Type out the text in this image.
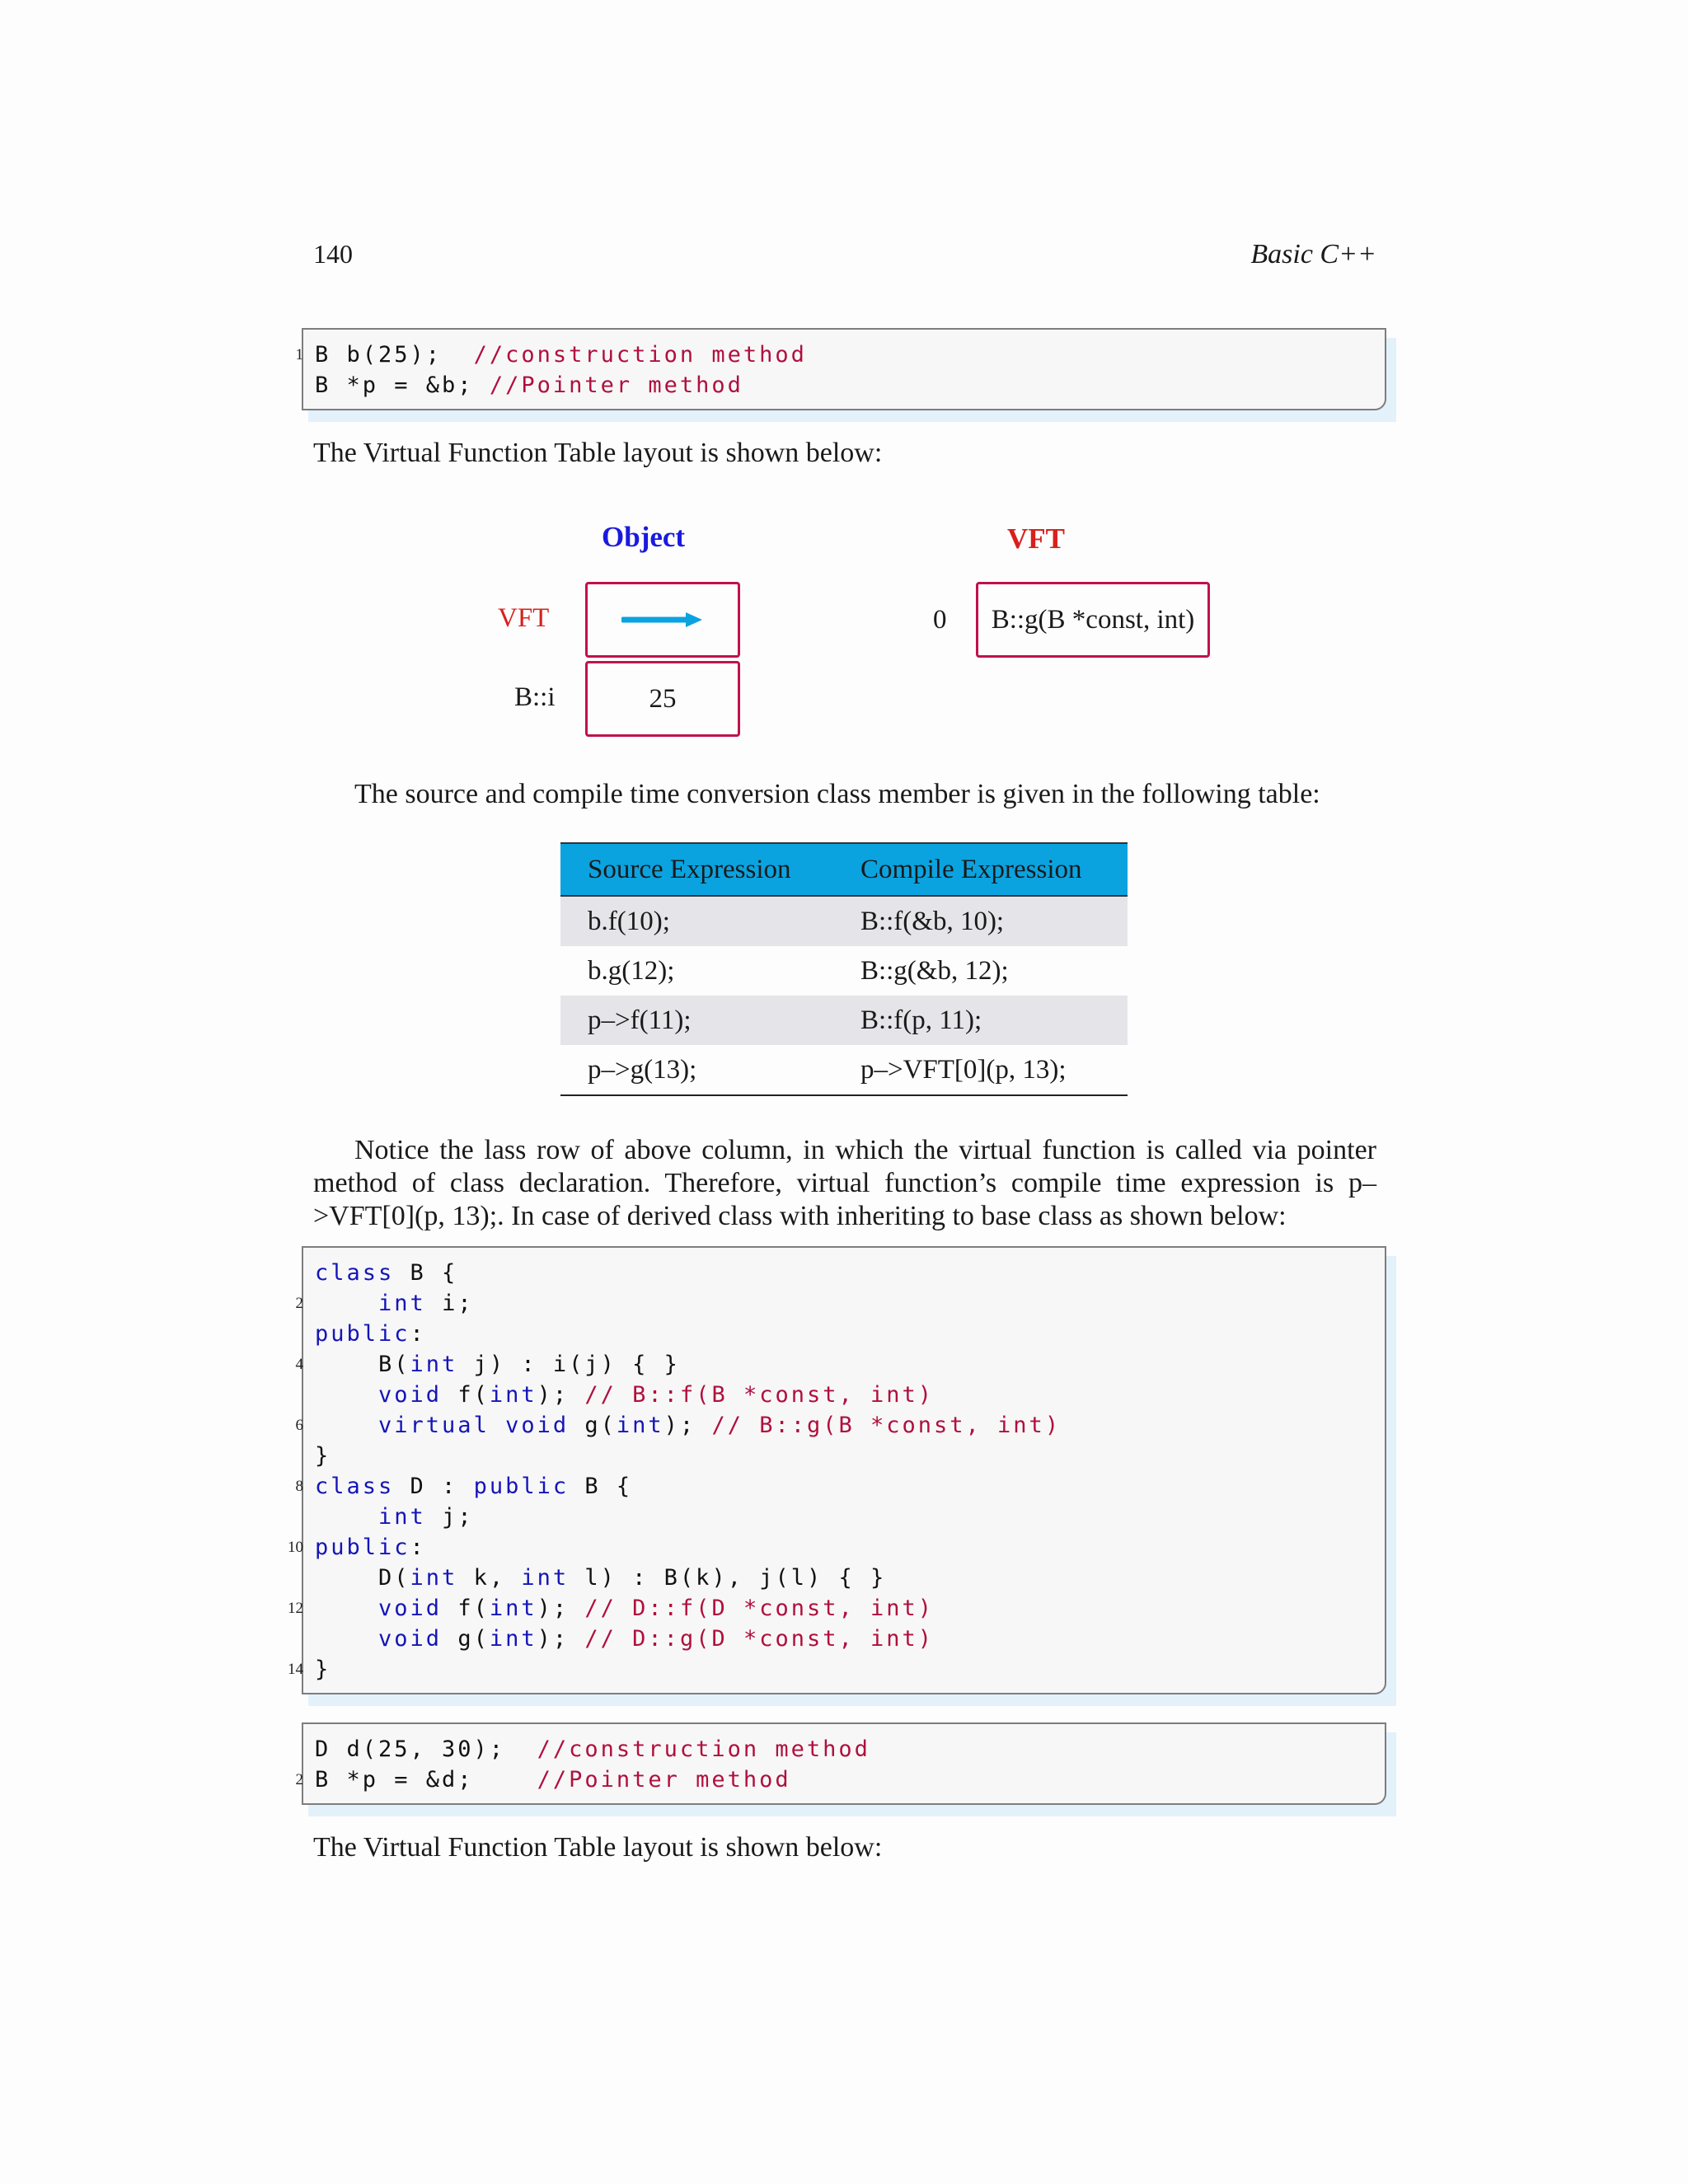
140	Basic C++
1 B b(25);  //construction method
B *p = &b; //Pointer method
The Virtual Function Table layout is shown below:
Object	VFT
VFT
B::i	25
0	B::g(B *const, int)
The source and compile time conversion class member is given in the following table:
Source Expression	Compile Expression
b.f(10);	B::f(&b, 10);
b.g(12);	B::g(&b, 12);
p–>f(11);	B::f(p, 11);
p–>g(13);	p–>VFT[0](p, 13);
Notice the lass row of above column, in which the virtual function is called via pointer method of class declaration. Therefore, virtual function’s compile time expression is p–>VFT[0](p, 13);. In case of derived class with inheriting to base class as shown below:
class B {
2	int i;
public:
4 B(int j) : i(j) { }
void f(int); // B::f(B *const, int)
6	virtual void g(int); // B::g(B *const, int)
}
8 class D : public B {
int j;
10 public:
D(int k, int l) : B(k), j(l) { }
12	void f(int); // D::f(D *const, int)
void g(int); // D::g(D *const, int)
14 }
D d(25, 30);  //construction method
2 B *p = &d;    //Pointer method
The Virtual Function Table layout is shown below:
